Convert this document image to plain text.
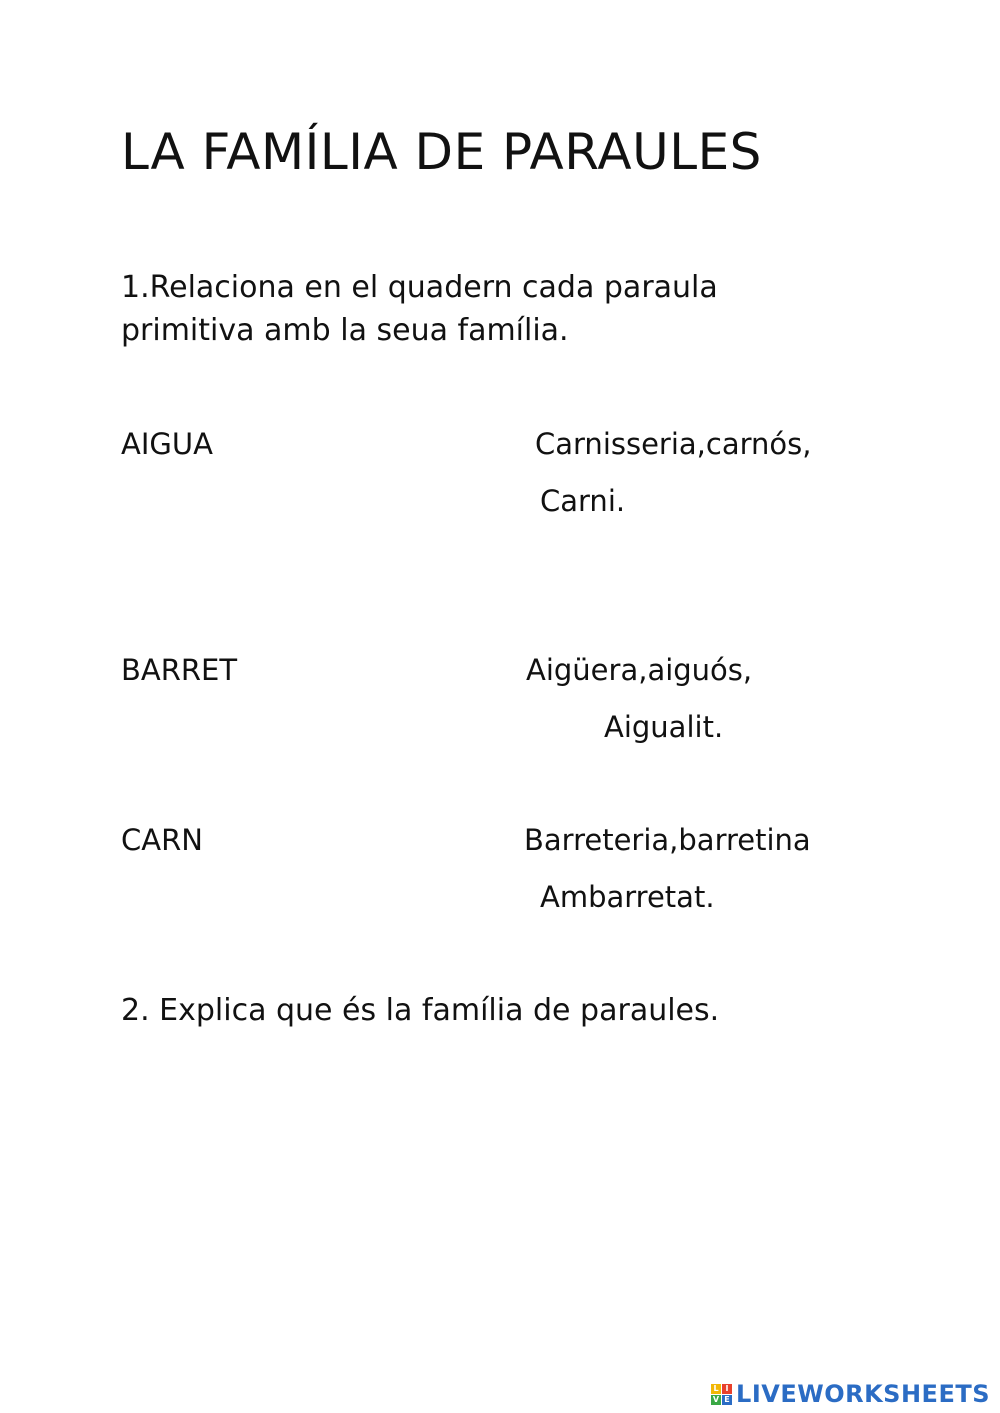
LA FAMÍLIA DE PARAULES
1.Relaciona en el quadern cada paraula
primitiva amb la seua família.
AIGUA	Carnisseria,carnós,
Carni.
BARRET	Aigüera,aiguós,
Aigualit.
CARN	Barreteria,barretina
Ambarretat.
2. Explica que és la família de paraules.
L I
V E LIVEWORKSHEETS
